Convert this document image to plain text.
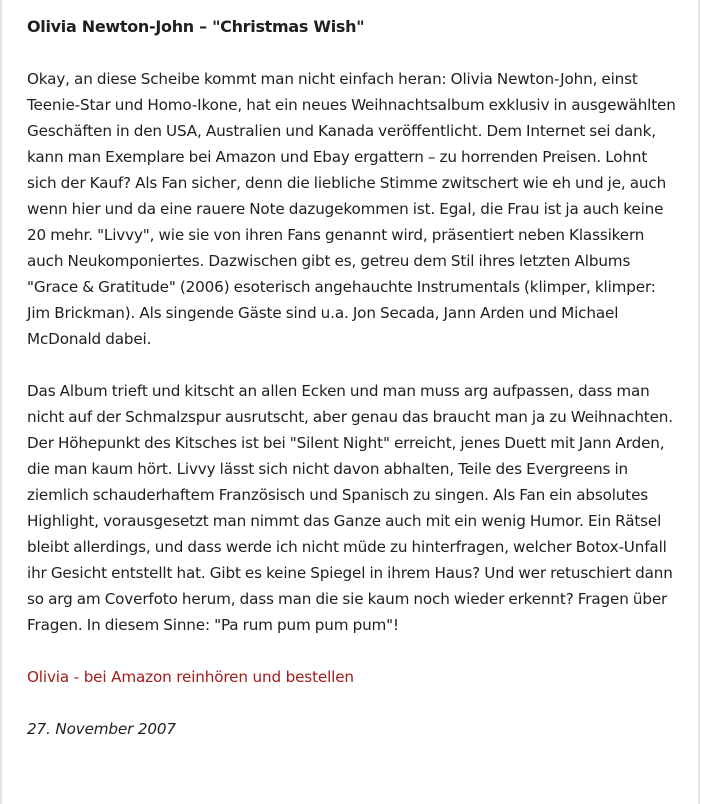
Olivia Newton-John – "Christmas Wish"

Okay, an diese Scheibe kommt man nicht einfach heran: Olivia Newton-John, einst Teenie-Star und Homo-Ikone, hat ein neues Weihnachtsalbum exklusiv in ausgewählten Geschäften in den USA, Australien und Kanada veröffentlicht. Dem Internet sei dank, kann man Exemplare bei Amazon und Ebay ergattern – zu horrenden Preisen. Lohnt sich der Kauf? Als Fan sicher, denn die liebliche Stimme zwitschert wie eh und je, auch wenn hier und da eine rauere Note dazugekommen ist. Egal, die Frau ist ja auch keine 20 mehr. "Livvy", wie sie von ihren Fans genannt wird, präsentiert neben Klassikern auch Neukomponiertes. Dazwischen gibt es, getreu dem Stil ihres letzten Albums "Grace & Gratitude" (2006) esoterisch angehauchte Instrumentals (klimper, klimper: Jim Brickman). Als singende Gäste sind u.a. Jon Secada, Jann Arden und Michael McDonald dabei.

Das Album trieft und kitscht an allen Ecken und man muss arg aufpassen, dass man nicht auf der Schmalzspur ausrutscht, aber genau das braucht man ja zu Weihnachten. Der Höhepunkt des Kitsches ist bei "Silent Night" erreicht, jenes Duett mit Jann Arden, die man kaum hört. Livvy lässt sich nicht davon abhalten, Teile des Evergreens in ziemlich schauderhaftem Französisch und Spanisch zu singen. Als Fan ein absolutes Highlight, vorausgesetzt man nimmt das Ganze auch mit ein wenig Humor. Ein Rätsel bleibt allerdings, und dass werde ich nicht müde zu hinterfragen, welcher Botox-Unfall ihr Gesicht entstellt hat. Gibt es keine Spiegel in ihrem Haus? Und wer retuschiert dann so arg am Coverfoto herum, dass man die sie kaum noch wieder erkennt? Fragen über Fragen. In diesem Sinne: "Pa rum pum pum pum"!

Olivia - bei Amazon reinhören und bestellen

27. November 2007
